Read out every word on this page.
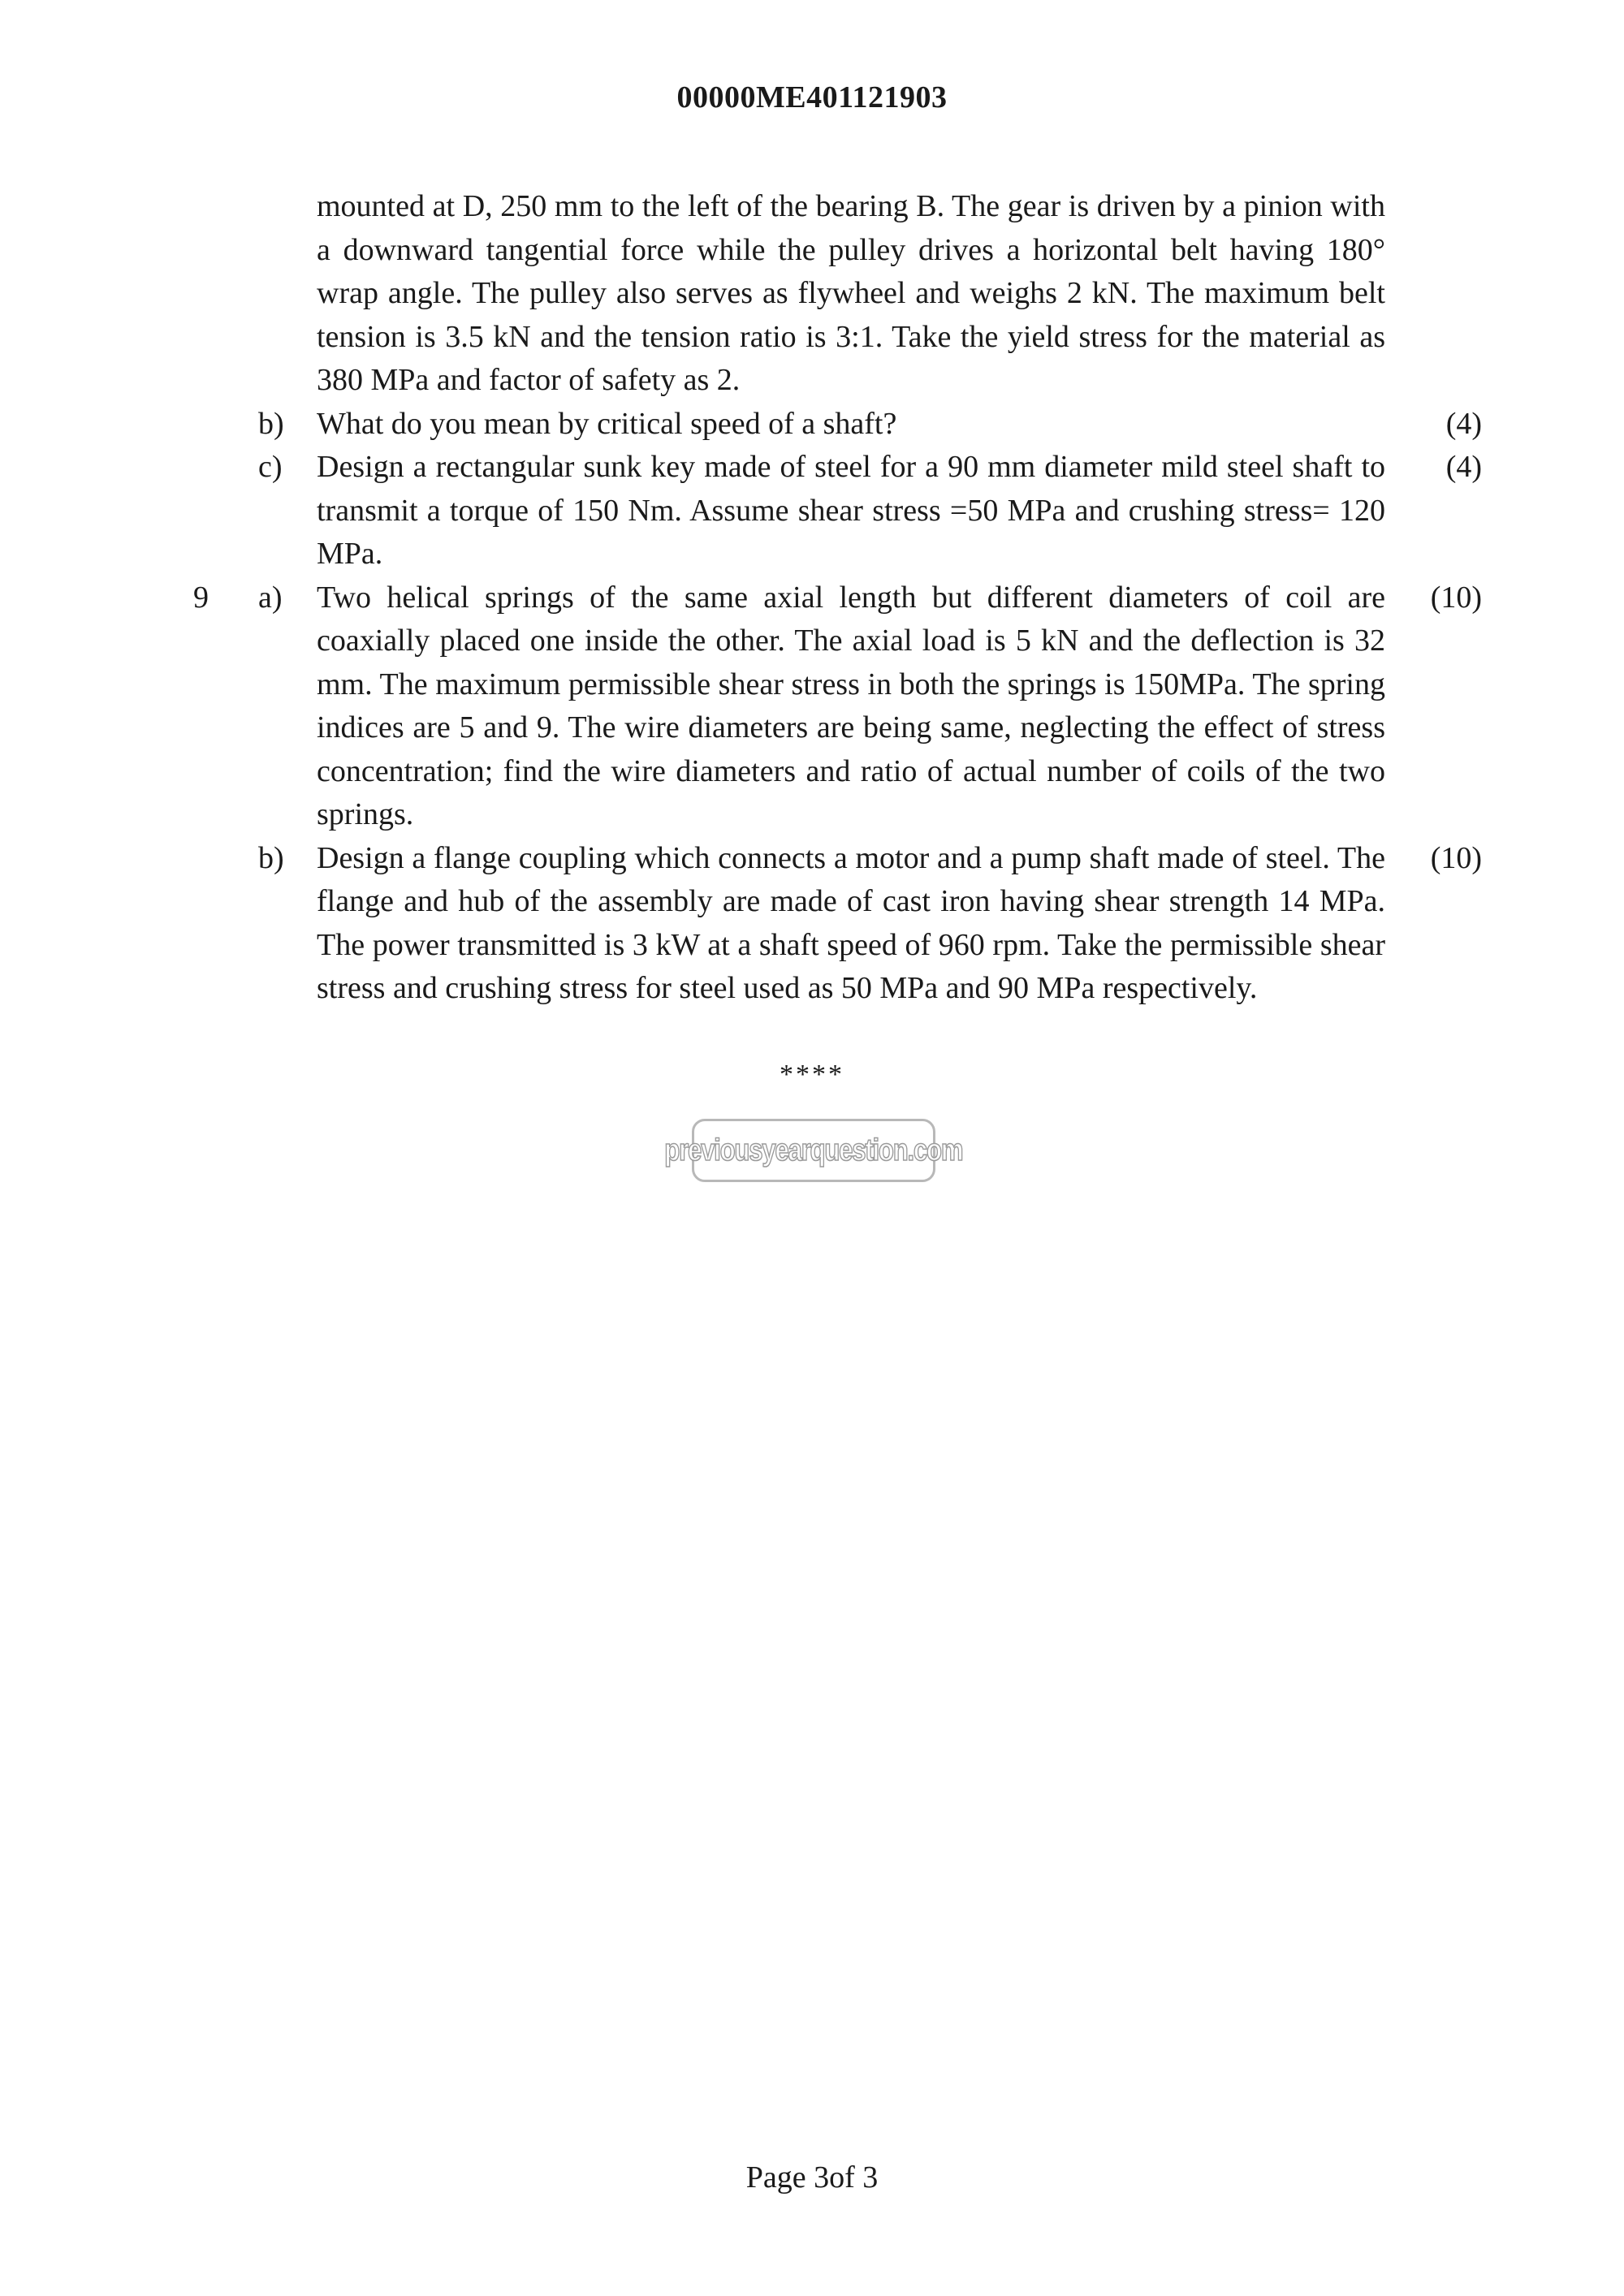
00000ME401121903
mounted at D, 250 mm to the left of the bearing B. The gear is driven by a pinion with a downward tangential force while the pulley drives a horizontal belt having 180° wrap angle. The pulley also serves as flywheel and weighs 2 kN. The maximum belt tension is 3.5 kN and the tension ratio is 3:1. Take the yield stress for the material as 380 MPa and factor of safety as 2.
b) What do you mean by critical speed of a shaft?	(4)
c) Design a rectangular sunk key made of steel for a 90 mm diameter mild steel shaft to transmit a torque of 150 Nm. Assume shear stress =50 MPa and crushing stress= 120 MPa.
(4)
9 a) Two helical springs of the same axial length but different diameters of coil are coaxially placed one inside the other. The axial load is 5 kN and the deflection is 32 mm. The maximum permissible shear stress in both the springs is 150MPa. The spring indices are 5 and 9. The wire diameters are being same, neglecting the effect of stress concentration; find the wire diameters and ratio of actual number of coils of the two springs.
(10)
b) Design a flange coupling which connects a motor and a pump shaft made of steel. The flange and hub of the assembly are made of cast iron having shear strength 14 MPa. The power transmitted is 3 kW at a shaft speed of 960 rpm. Take the permissible shear stress and crushing stress for steel used as 50 MPa and 90 MPa respectively.
(10)
****
previousyearquestion.com
Page 3of 3
